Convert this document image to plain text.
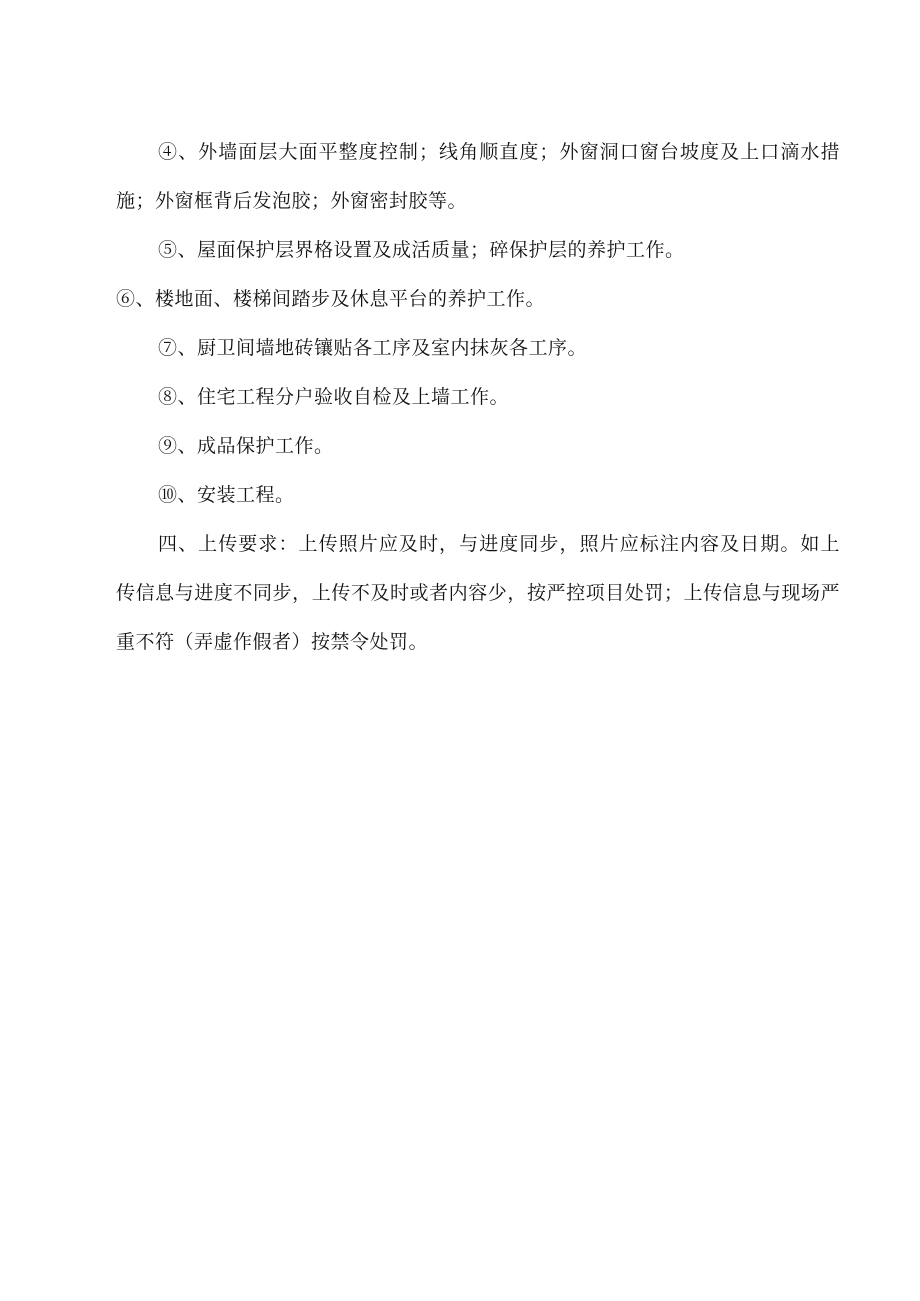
④、外墙面层大面平整度控制；线角顺直度；外窗洞口窗台坡度及上口滴水措施；外窗框背后发泡胶；外窗密封胶等。

⑤、屋面保护层界格设置及成活质量；碎保护层的养护工作。

⑥、楼地面、楼梯间踏步及休息平台的养护工作。

⑦、厨卫间墙地砖镶贴各工序及室内抹灰各工序。

⑧、住宅工程分户验收自检及上墙工作。

⑨、成品保护工作。

⑩、安装工程。

四、上传要求：上传照片应及时，与进度同步，照片应标注内容及日期。如上传信息与进度不同步，上传不及时或者内容少，按严控项目处罚；上传信息与现场严重不符（弄虚作假者）按禁令处罚。
